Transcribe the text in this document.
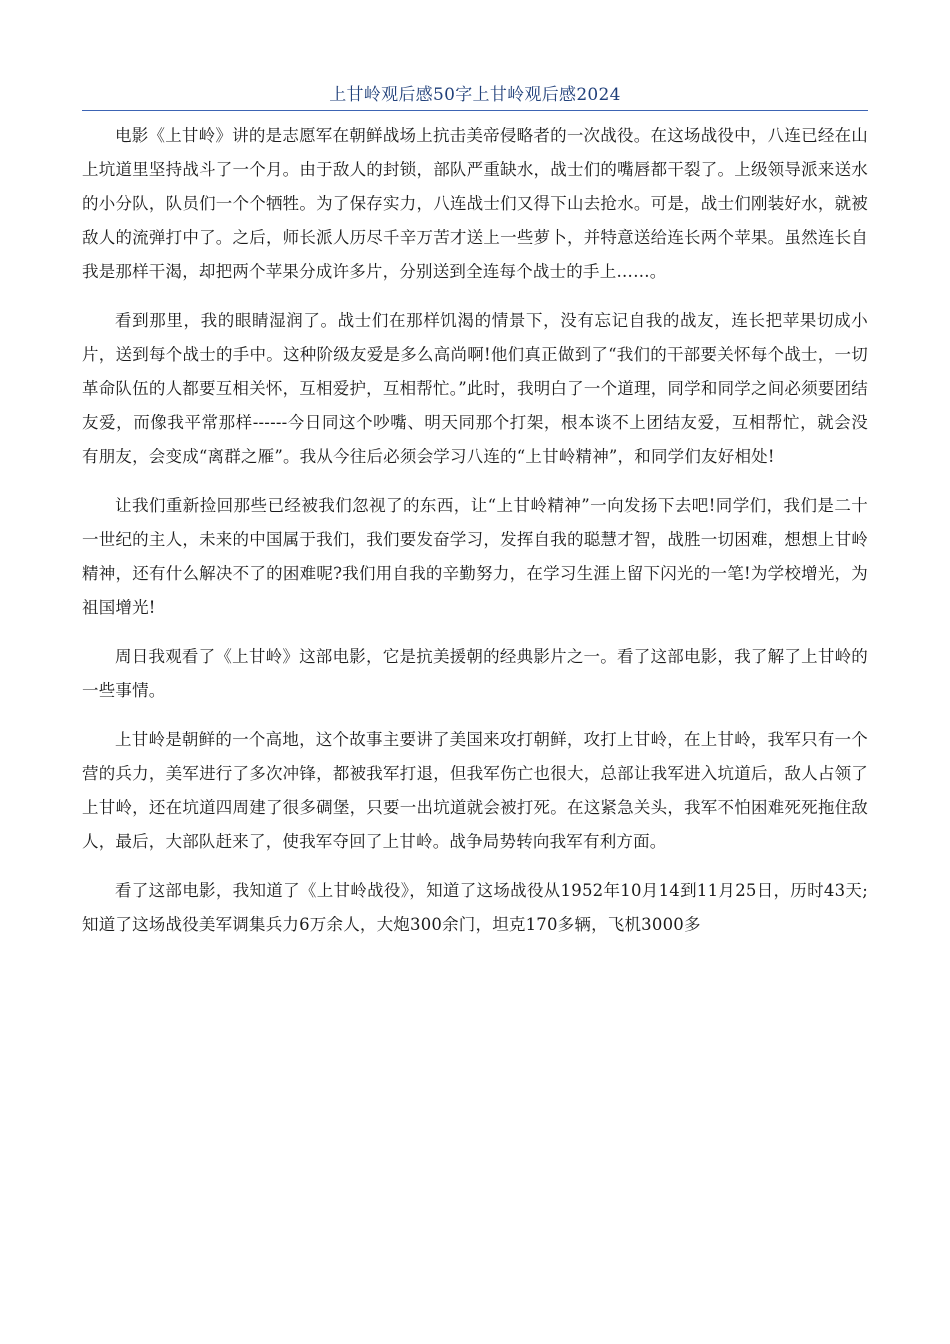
上甘岭观后感50字上甘岭观后感2024

电影《上甘岭》讲的是志愿军在朝鲜战场上抗击美帝侵略者的一次战役。在这场战役中，八连已经在山上坑道里坚持战斗了一个月。由于敌人的封锁，部队严重缺水，战士们的嘴唇都干裂了。上级领导派来送水的小分队，队员们一个个牺牲。为了保存实力，八连战士们又得下山去抢水。可是，战士们刚装好水，就被敌人的流弹打中了。之后，师长派人历尽千辛万苦才送上一些萝卜，并特意送给连长两个苹果。虽然连长自我是那样干渴，却把两个苹果分成许多片，分别送到全连每个战士的手上……。

看到那里，我的眼睛湿润了。战士们在那样饥渴的情景下，没有忘记自我的战友，连长把苹果切成小片，送到每个战士的手中。这种阶级友爱是多么高尚啊!他们真正做到了“我们的干部要关怀每个战士，一切革命队伍的人都要互相关怀，互相爱护，互相帮忙。”此时，我明白了一个道理，同学和同学之间必须要团结友爱，而像我平常那样------今日同这个吵嘴、明天同那个打架，根本谈不上团结友爱，互相帮忙，就会没有朋友，会变成“离群之雁”。我从今往后必须会学习八连的“上甘岭精神”，和同学们友好相处!

让我们重新捡回那些已经被我们忽视了的东西，让“上甘岭精神”一向发扬下去吧!同学们，我们是二十一世纪的主人，未来的中国属于我们，我们要发奋学习，发挥自我的聪慧才智，战胜一切困难，想想上甘岭精神，还有什么解决不了的困难呢?我们用自我的辛勤努力，在学习生涯上留下闪光的一笔!为学校增光，为祖国增光!

周日我观看了《上甘岭》这部电影，它是抗美援朝的经典影片之一。看了这部电影，我了解了上甘岭的一些事情。

上甘岭是朝鲜的一个高地，这个故事主要讲了美国来攻打朝鲜，攻打上甘岭，在上甘岭，我军只有一个营的兵力，美军进行了多次冲锋，都被我军打退，但我军伤亡也很大，总部让我军进入坑道后，敌人占领了上甘岭，还在坑道四周建了很多碉堡，只要一出坑道就会被打死。在这紧急关头，我军不怕困难死死拖住敌人，最后，大部队赶来了，使我军夺回了上甘岭。战争局势转向我军有利方面。

看了这部电影，我知道了《上甘岭战役》，知道了这场战役从1952年10月14到11月25日，历时43天;知道了这场战役美军调集兵力6万余人，大炮300余门，坦克170多辆，飞机3000多
